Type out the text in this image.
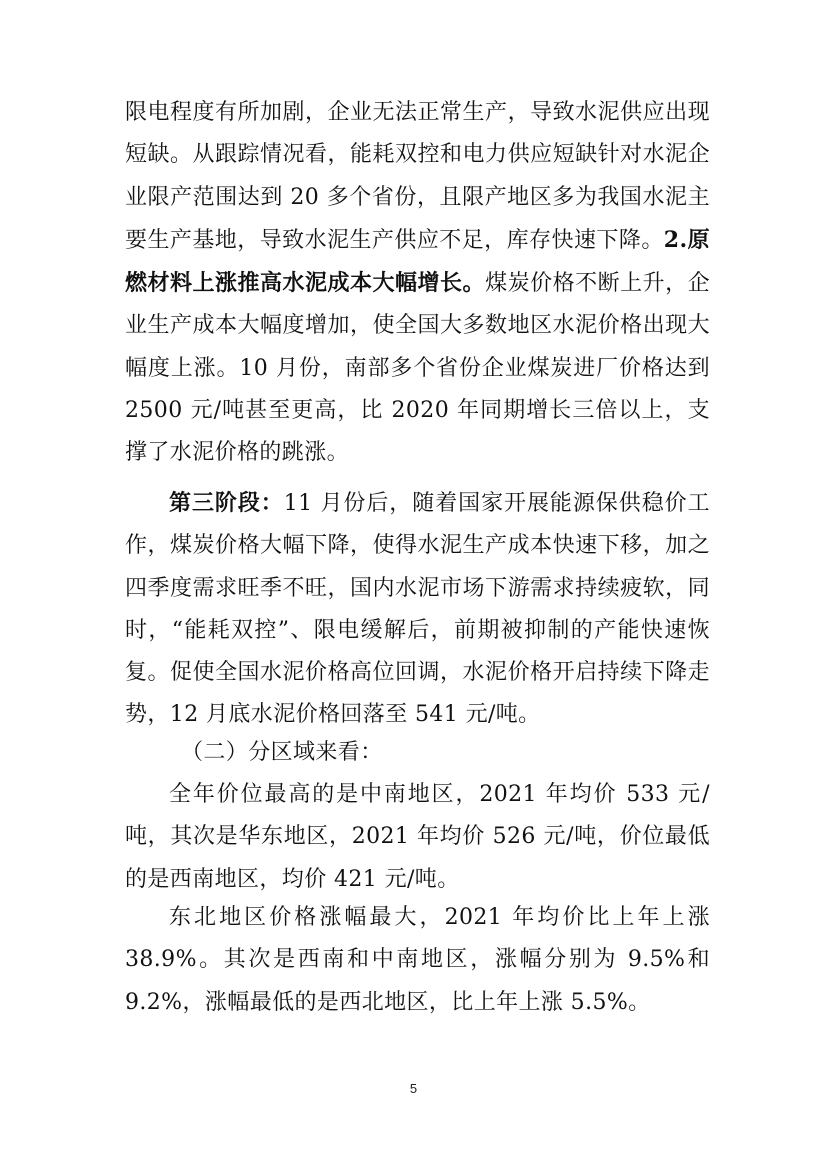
限电程度有所加剧，企业无法正常生产，导致水泥供应出现短缺。从跟踪情况看，能耗双控和电力供应短缺针对水泥企业限产范围达到 20 多个省份，且限产地区多为我国水泥主要生产基地，导致水泥生产供应不足，库存快速下降。2.原燃材料上涨推高水泥成本大幅增长。煤炭价格不断上升，企业生产成本大幅度增加，使全国大多数地区水泥价格出现大幅度上涨。10 月份，南部多个省份企业煤炭进厂价格达到 2500 元/吨甚至更高，比 2020 年同期增长三倍以上，支撑了水泥价格的跳涨。

第三阶段：11 月份后，随着国家开展能源保供稳价工作，煤炭价格大幅下降，使得水泥生产成本快速下移，加之四季度需求旺季不旺，国内水泥市场下游需求持续疲软，同时，“能耗双控”、限电缓解后，前期被抑制的产能快速恢复。促使全国水泥价格高位回调，水泥价格开启持续下降走势，12 月底水泥价格回落至 541 元/吨。

（二）分区域来看：

全年价位最高的是中南地区，2021 年均价 533 元/吨，其次是华东地区，2021 年均价 526 元/吨，价位最低的是西南地区，均价 421 元/吨。

东北地区价格涨幅最大，2021 年均价比上年上涨 38.9%。其次是西南和中南地区，涨幅分别为 9.5%和 9.2%，涨幅最低的是西北地区，比上年上涨 5.5%。

5
